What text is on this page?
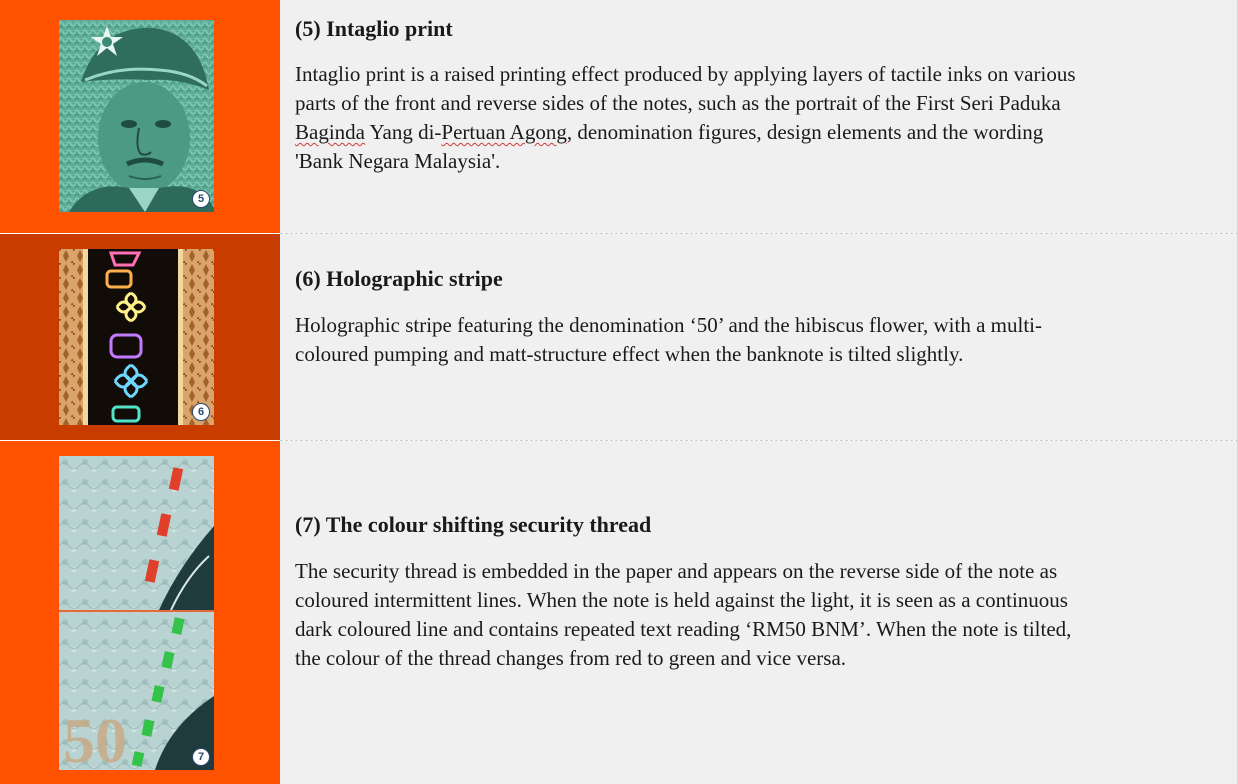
5

(5) Intaglio print

Intaglio print is a raised printing effect produced by applying layers of tactile inks on various parts of the front and reverse sides of the notes, such as the portrait of the First Seri Paduka Baginda Yang di-Pertuan Agong, denomination figures, design elements and the wording 'Bank Negara Malaysia'.

6

(6) Holographic stripe

Holographic stripe featuring the denomination ‘50’ and the hibiscus flower, with a multi-coloured pumping and matt-structure effect when the banknote is tilted slightly.

50	7

(7) The colour shifting security thread

The security thread is embedded in the paper and appears on the reverse side of the note as coloured intermittent lines. When the note is held against the light, it is seen as a continuous dark coloured line and contains repeated text reading ‘RM50 BNM’. When the note is tilted, the colour of the thread changes from red to green and vice versa.
